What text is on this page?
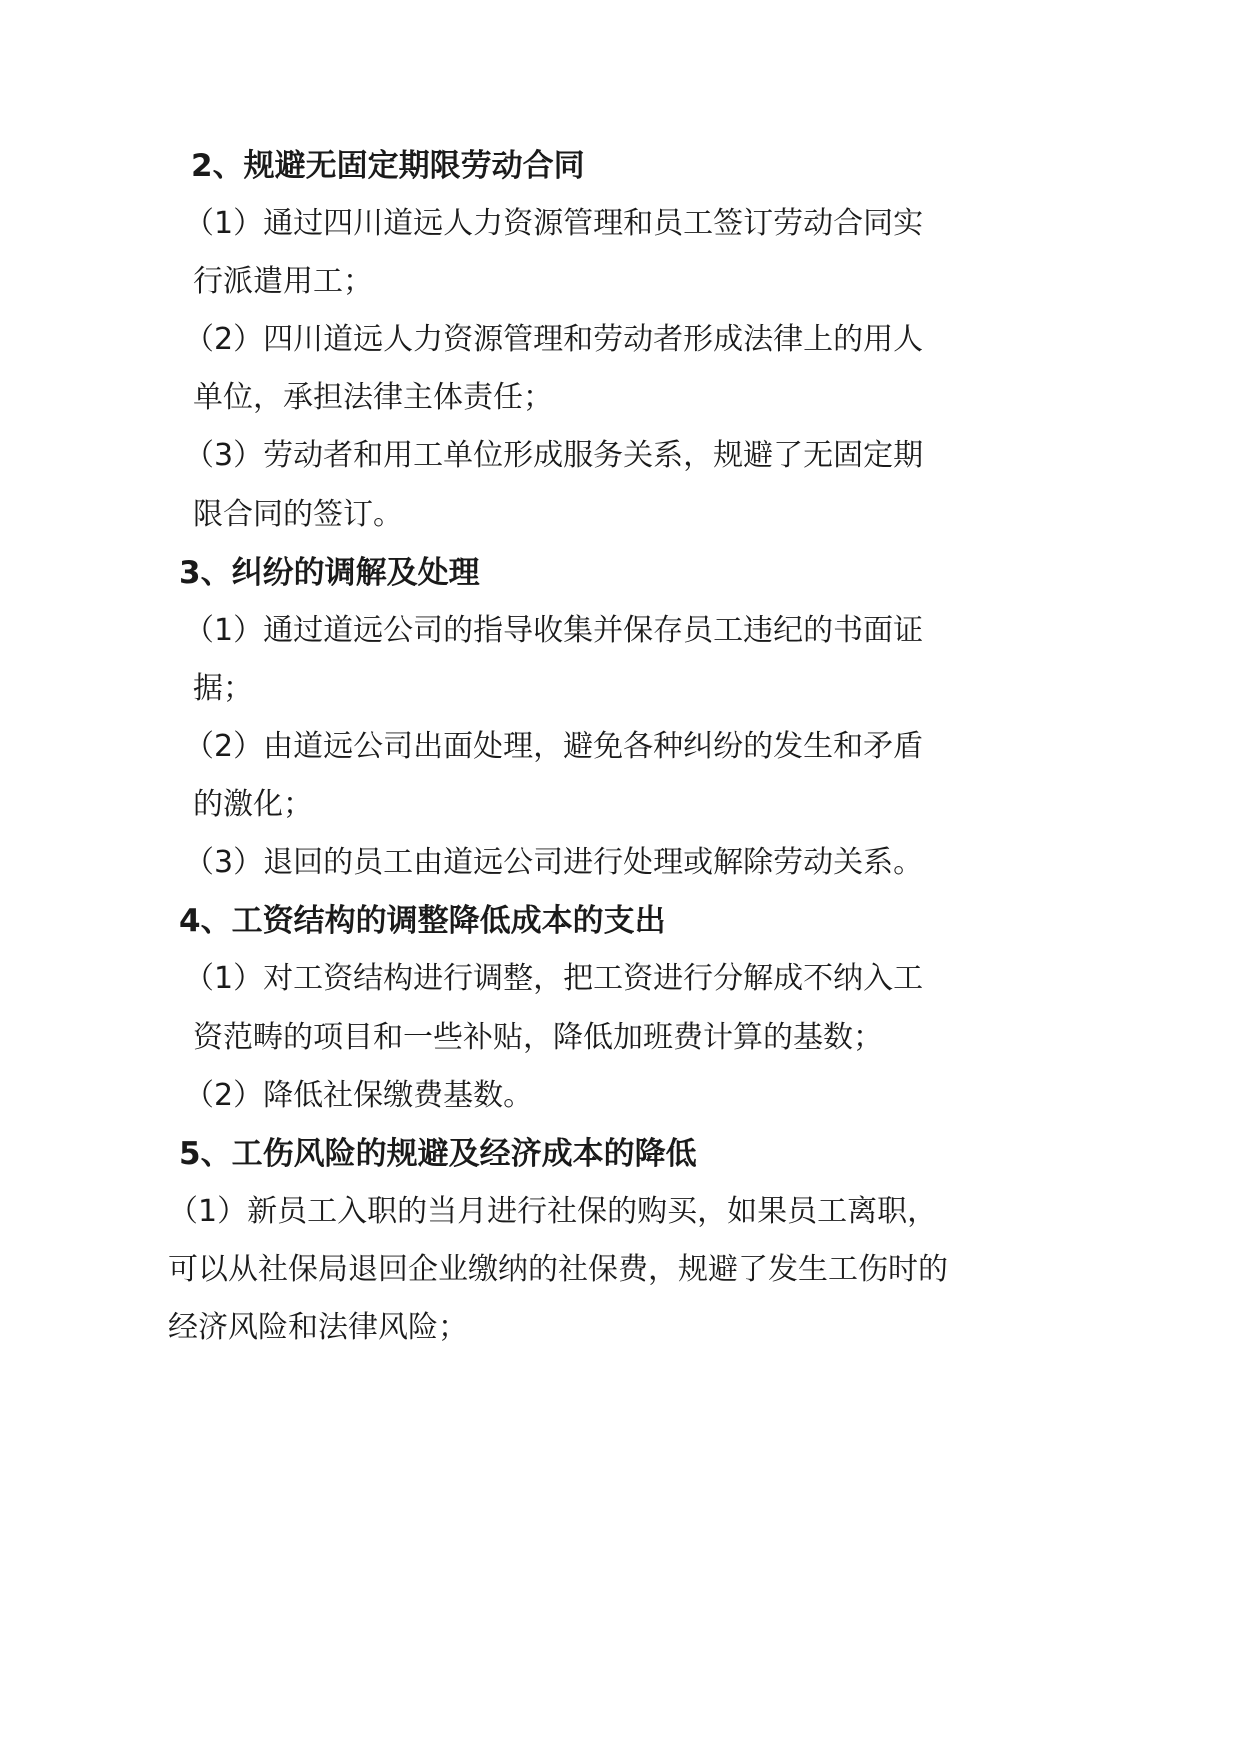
2、规避无固定期限劳动合同
（1）通过四川道远人力资源管理和员工签订劳动合同实
行派遣用工；
（2）四川道远人力资源管理和劳动者形成法律上的用人
单位，承担法律主体责任；
（3）劳动者和用工单位形成服务关系，规避了无固定期
限合同的签订。
3、纠纷的调解及处理
（1）通过道远公司的指导收集并保存员工违纪的书面证
据；
（2）由道远公司出面处理，避免各种纠纷的发生和矛盾
的激化；
（3）退回的员工由道远公司进行处理或解除劳动关系。
4、工资结构的调整降低成本的支出
（1）对工资结构进行调整，把工资进行分解成不纳入工
资范畴的项目和一些补贴，降低加班费计算的基数；
（2）降低社保缴费基数。
5、工伤风险的规避及经济成本的降低
（1）新员工入职的当月进行社保的购买，如果员工离职，
可以从社保局退回企业缴纳的社保费，规避了发生工伤时的
经济风险和法律风险；
